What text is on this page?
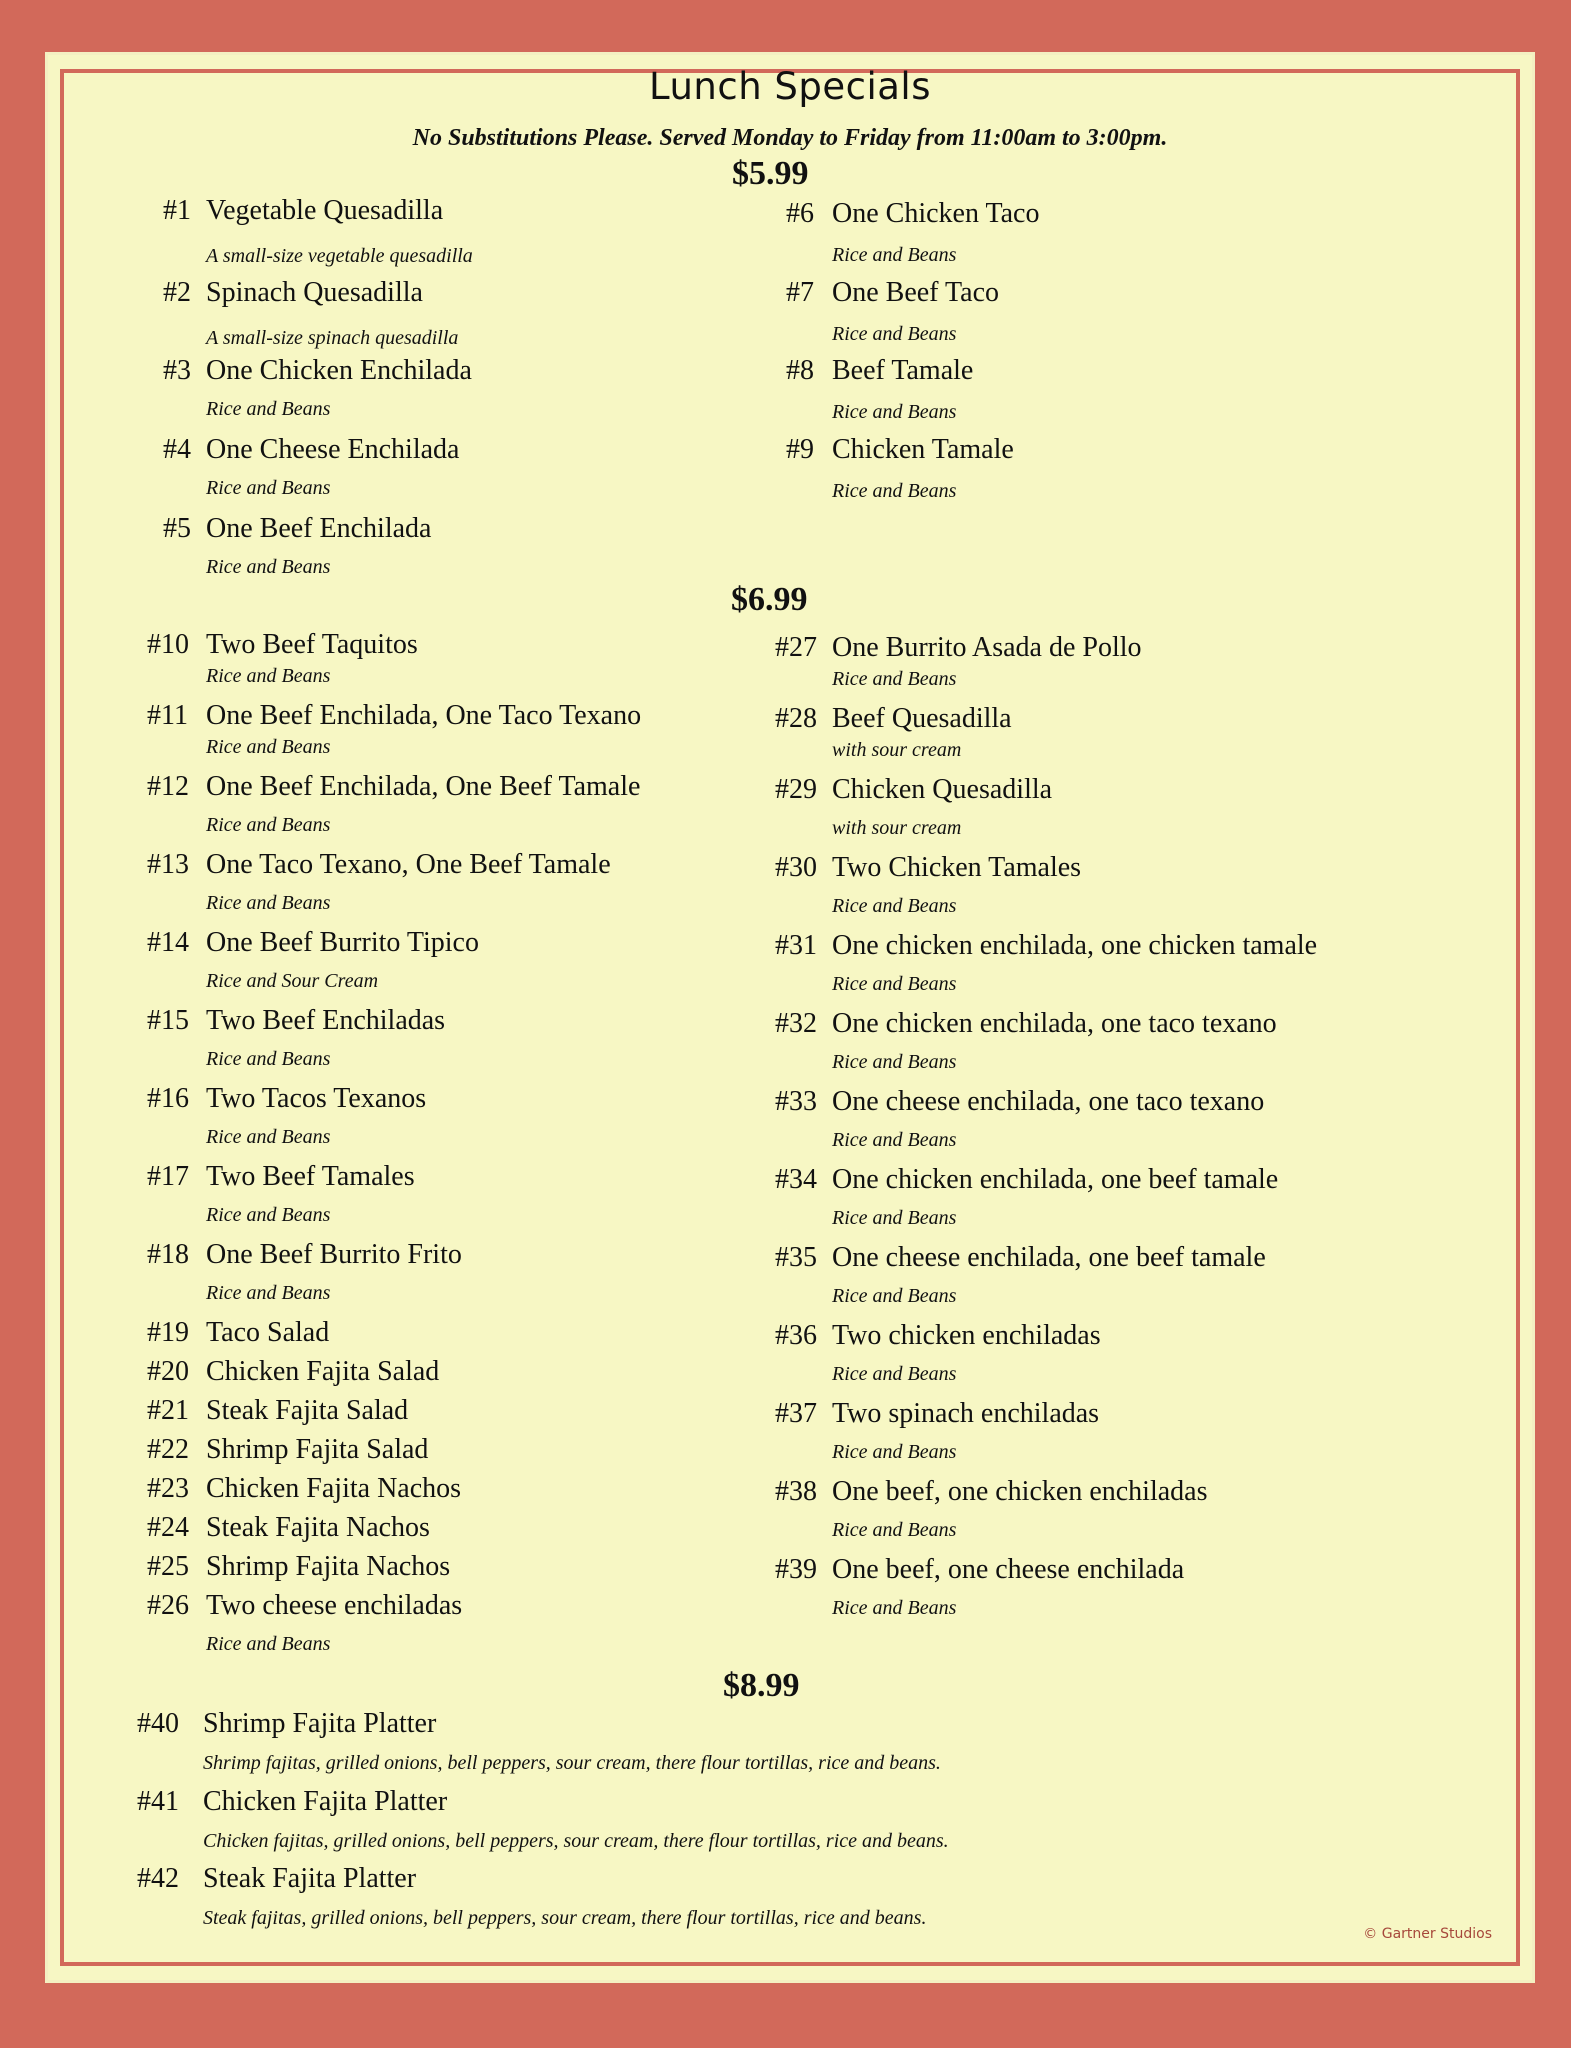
Lunch Specials
No Substitutions Please. Served Monday to Friday from 11:00am to 3:00pm.
$5.99
$6.99
$8.99
#1 Vegetable Quesadilla
A small-size vegetable quesadilla
#2 Spinach Quesadilla
A small-size spinach quesadilla
#3 One Chicken Enchilada
Rice and Beans
#4 One Cheese Enchilada
Rice and Beans
#5 One Beef Enchilada
Rice and Beans
#6 One Chicken Taco
Rice and Beans
#7 One Beef Taco
Rice and Beans
#8 Beef Tamale
Rice and Beans
#9 Chicken Tamale
Rice and Beans
#10 Two Beef Taquitos
Rice and Beans
#11 One Beef Enchilada, One Taco Texano
Rice and Beans
#12 One Beef Enchilada, One Beef Tamale
Rice and Beans
#13 One Taco Texano, One Beef Tamale
Rice and Beans
#14 One Beef Burrito Tipico
Rice and Sour Cream
#15 Two Beef Enchiladas
Rice and Beans
#16 Two Tacos Texanos
Rice and Beans
#17 Two Beef Tamales
Rice and Beans
#18 One Beef Burrito Frito
Rice and Beans
#19 Taco Salad
#20 Chicken Fajita Salad
#21 Steak Fajita Salad
#22 Shrimp Fajita Salad
#23 Chicken Fajita Nachos
#24 Steak Fajita Nachos
#25 Shrimp Fajita Nachos
#26 Two cheese enchiladas
Rice and Beans
#27 One Burrito Asada de Pollo
Rice and Beans
#28 Beef Quesadilla
with sour cream
#29 Chicken Quesadilla
with sour cream
#30 Two Chicken Tamales
Rice and Beans
#31 One chicken enchilada, one chicken tamale
Rice and Beans
#32 One chicken enchilada, one taco texano
Rice and Beans
#33 One cheese enchilada, one taco texano
Rice and Beans
#34 One chicken enchilada, one beef tamale
Rice and Beans
#35 One cheese enchilada, one beef tamale
Rice and Beans
#36 Two chicken enchiladas
Rice and Beans
#37 Two spinach enchiladas
Rice and Beans
#38 One beef, one chicken enchiladas
Rice and Beans
#39 One beef, one cheese enchilada
Rice and Beans
#40 Shrimp Fajita Platter
Shrimp fajitas, grilled onions, bell peppers, sour cream, there flour tortillas, rice and beans.
#41 Chicken Fajita Platter
Chicken fajitas, grilled onions, bell peppers, sour cream, there flour tortillas, rice and beans.
#42 Steak Fajita Platter
Steak fajitas, grilled onions, bell peppers, sour cream, there flour tortillas, rice and beans.
© Gartner Studios
